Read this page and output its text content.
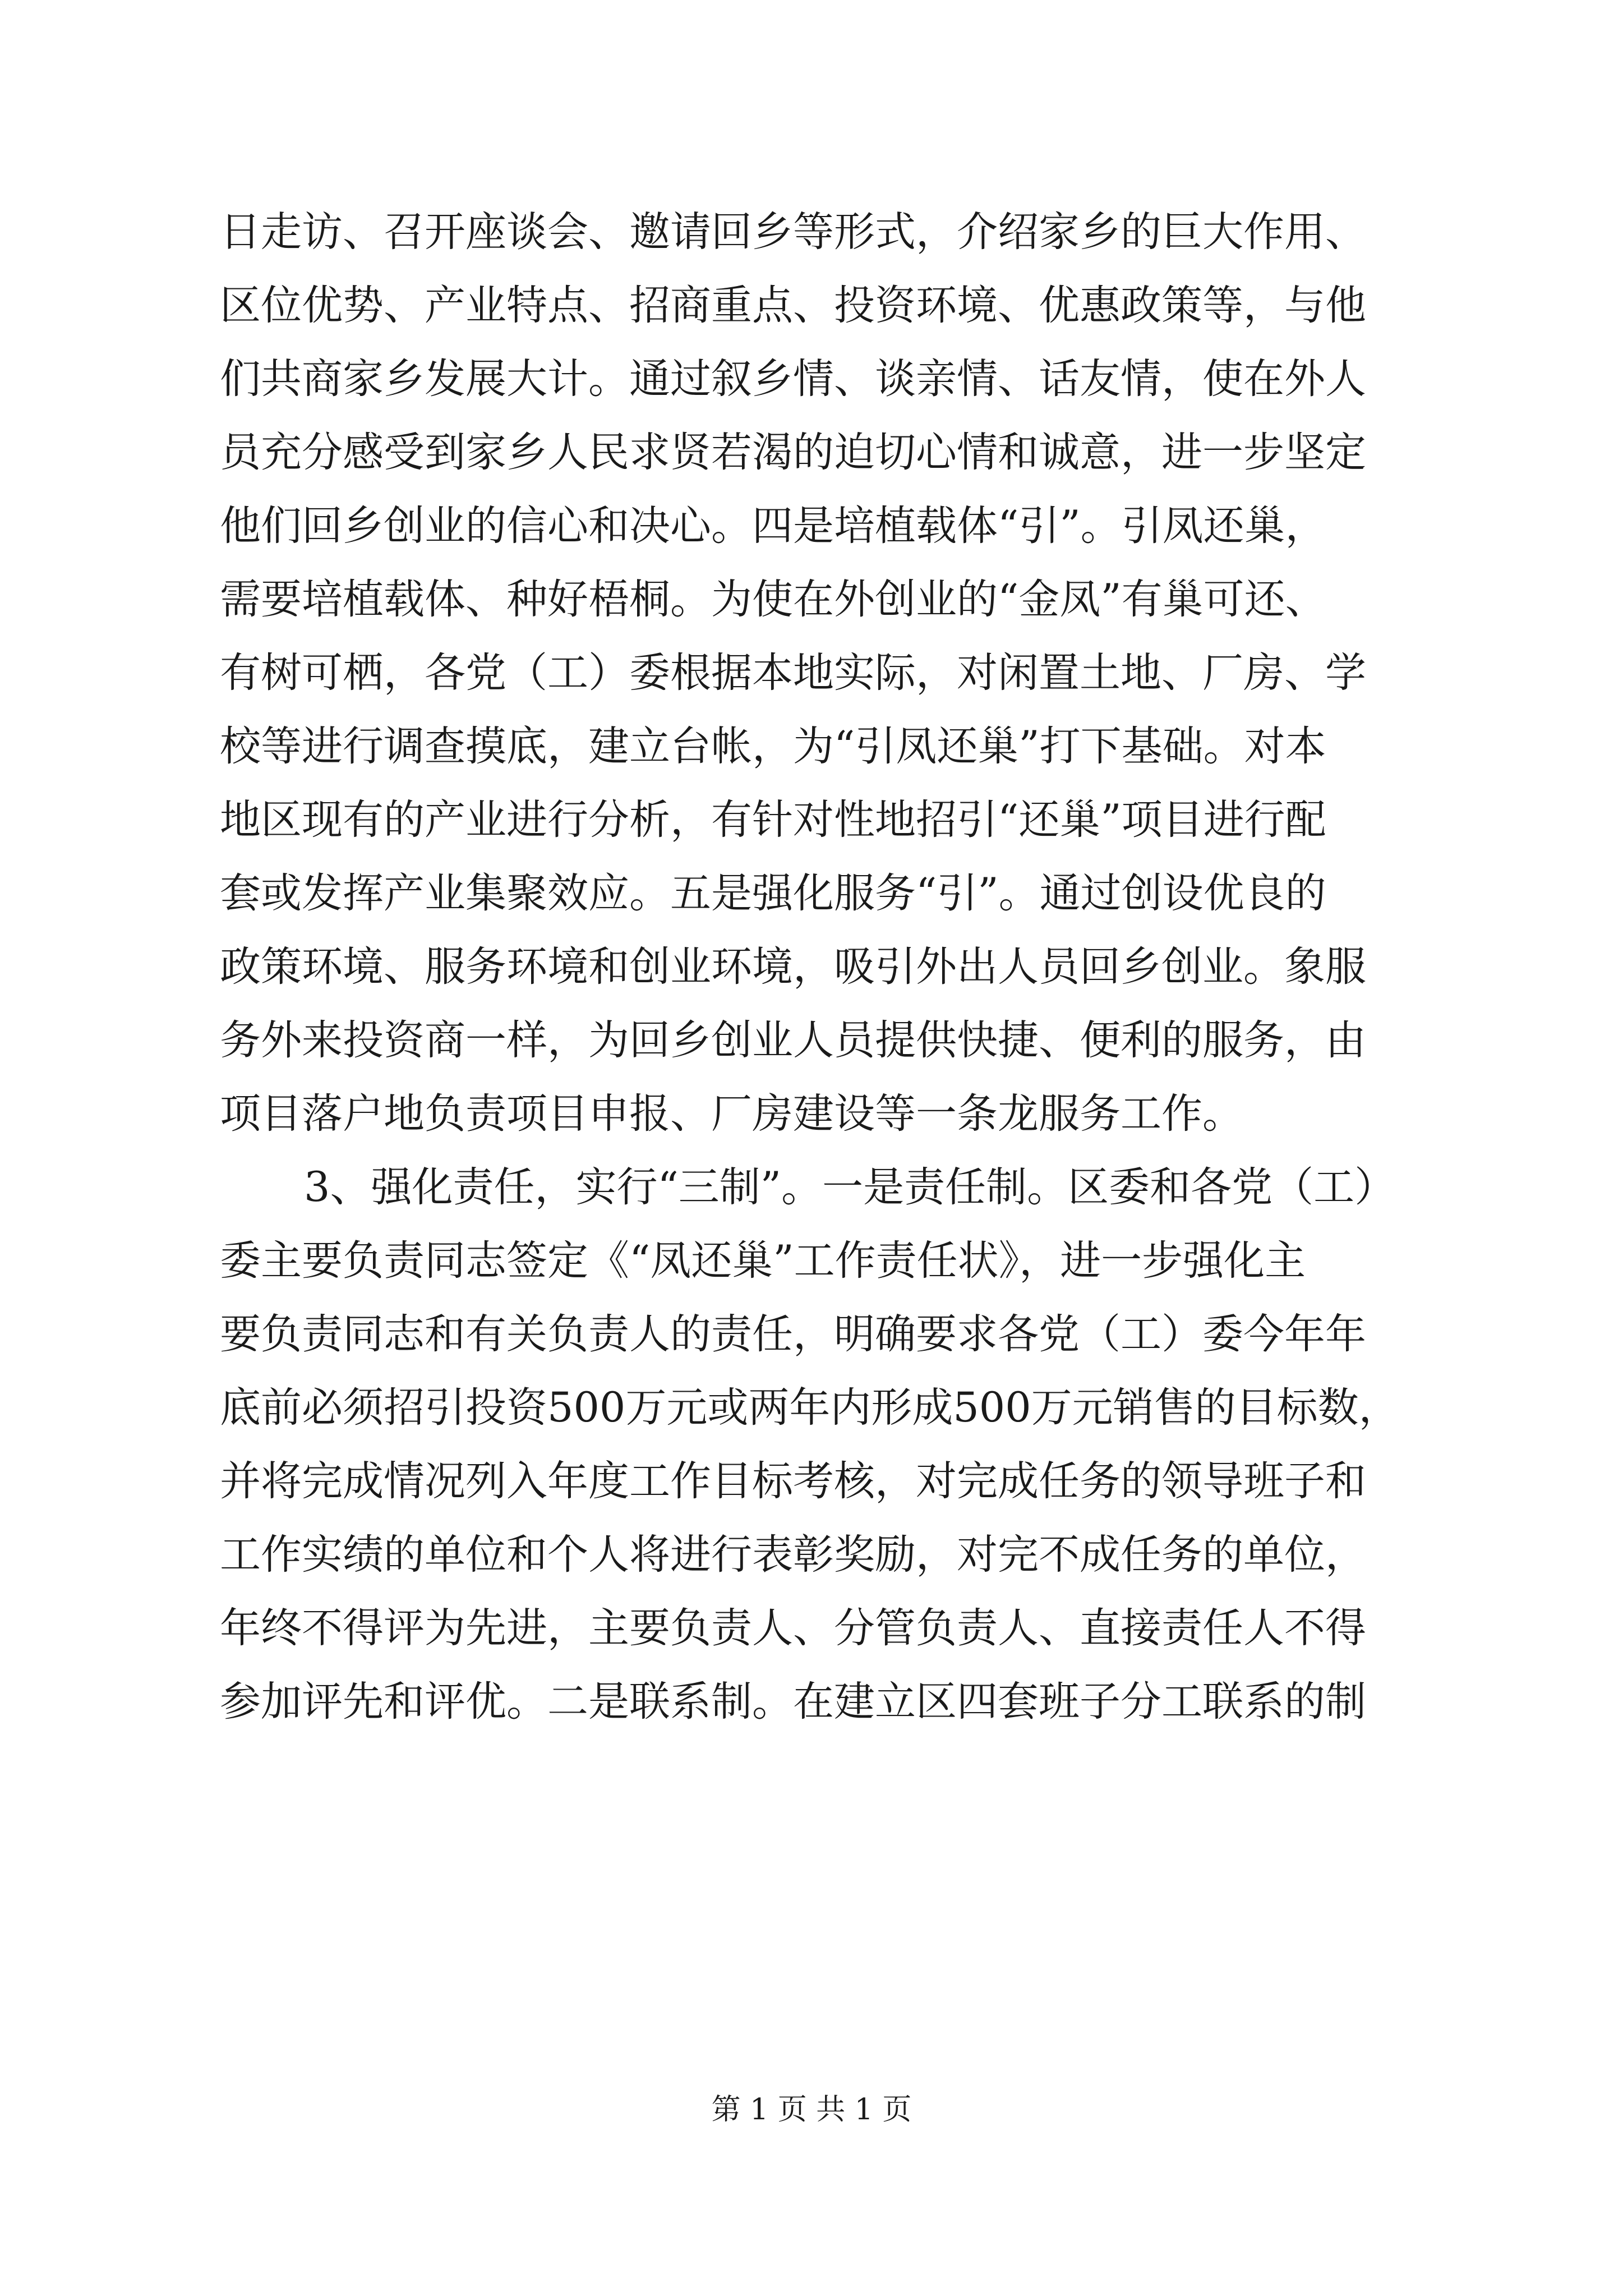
日走访、召开座谈会、邀请回乡等形式，介绍家乡的巨大作用、
区位优势、产业特点、招商重点、投资环境、优惠政策等，与他
们共商家乡发展大计。通过叙乡情、谈亲情、话友情，使在外人
员充分感受到家乡人民求贤若渴的迫切心情和诚意，进一步坚定
他们回乡创业的信心和决心。四是培植载体“引”。引凤还巢，
需要培植载体、种好梧桐。为使在外创业的“金凤”有巢可还、
有树可栖，各党（工）委根据本地实际，对闲置土地、厂房、学
校等进行调查摸底，建立台帐，为“引凤还巢”打下基础。对本
地区现有的产业进行分析，有针对性地招引“还巢”项目进行配
套或发挥产业集聚效应。五是强化服务“引”。通过创设优良的
政策环境、服务环境和创业环境，吸引外出人员回乡创业。象服
务外来投资商一样，为回乡创业人员提供快捷、便利的服务，由
项目落户地负责项目申报、厂房建设等一条龙服务工作。
3、强化责任，实行“三制”。一是责任制。区委和各党（工）
委主要负责同志签定《“凤还巢”工作责任状》，进一步强化主
要负责同志和有关负责人的责任，明确要求各党（工）委今年年
底前必须招引投资500万元或两年内形成500万元销售的目标数，
并将完成情况列入年度工作目标考核，对完成任务的领导班子和
工作实绩的单位和个人将进行表彰奖励，对完不成任务的单位，
年终不得评为先进，主要负责人、分管负责人、直接责任人不得
参加评先和评优。二是联系制。在建立区四套班子分工联系的制
第 1 页 共 1 页
